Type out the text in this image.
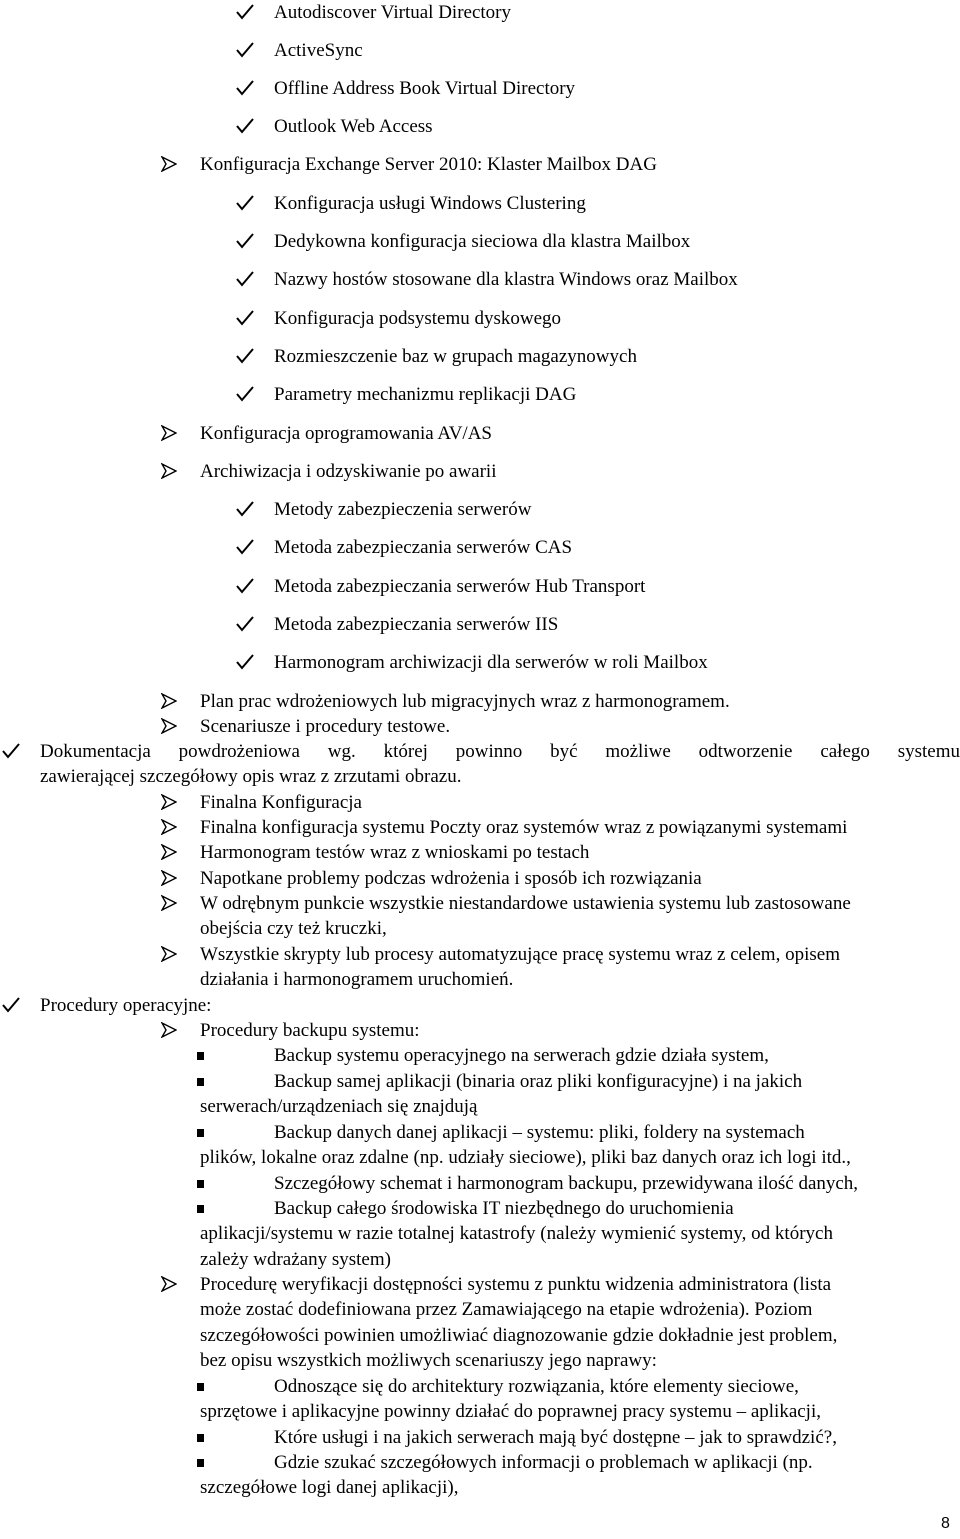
Autodiscover Virtual Directory
ActiveSync
Offline Address Book Virtual Directory
Outlook Web Access
Konfiguracja Exchange Server 2010: Klaster Mailbox DAG
Konfiguracja usługi Windows Clustering
Dedykowna konfiguracja sieciowa dla klastra Mailbox
Nazwy hostów stosowane dla klastra Windows oraz Mailbox
Konfiguracja podsystemu dyskowego
Rozmieszczenie baz w grupach magazynowych
Parametry mechanizmu replikacji DAG
Konfiguracja oprogramowania AV/AS
Archiwizacja i odzyskiwanie po awarii
Metody zabezpieczenia serwerów
Metoda zabezpieczania serwerów CAS
Metoda zabezpieczania serwerów Hub Transport
Metoda zabezpieczania serwerów IIS
Harmonogram archiwizacji dla serwerów w roli Mailbox
Plan prac wdrożeniowych lub migracyjnych wraz z harmonogramem.
Scenariusze i procedury testowe.
Dokumentacja powdrożeniowa wg. której powinno być możliwe odtworzenie całego systemu
zawierającej szczegółowy opis wraz z zrzutami obrazu.
Finalna Konfiguracja
Finalna konfiguracja systemu Poczty oraz systemów wraz z powiązanymi systemami
Harmonogram testów wraz z wnioskami po testach
Napotkane problemy podczas wdrożenia i sposób ich rozwiązania
W odrębnym punkcie wszystkie niestandardowe ustawienia systemu lub zastosowane
obejścia czy też kruczki,
Wszystkie skrypty lub procesy automatyzujące pracę systemu wraz z celem, opisem
działania i harmonogramem uruchomień.
Procedury operacyjne:
Procedury backupu systemu:
Backup systemu operacyjnego na serwerach gdzie działa system,
Backup samej aplikacji (binaria oraz pliki konfiguracyjne) i na jakich
serwerach/urządzeniach się znajdują
Backup danych danej aplikacji – systemu: pliki, foldery na systemach
plików, lokalne oraz zdalne (np. udziały sieciowe), pliki baz danych oraz ich logi itd.,
Szczegółowy schemat i harmonogram backupu, przewidywana ilość danych,
Backup całego środowiska IT niezbędnego do uruchomienia
aplikacji/systemu w razie totalnej katastrofy (należy wymienić systemy, od których
zależy wdrażany system)
Procedurę weryfikacji dostępności systemu z punktu widzenia administratora (lista
może zostać dodefiniowana przez Zamawiającego na etapie wdrożenia). Poziom
szczegółowości powinien umożliwiać diagnozowanie gdzie dokładnie jest problem,
bez opisu wszystkich możliwych scenariuszy jego naprawy:
Odnoszące się do architektury rozwiązania, które elementy sieciowe,
sprzętowe i aplikacyjne powinny działać do poprawnej pracy systemu – aplikacji,
Które usługi i na jakich serwerach mają być dostępne – jak to sprawdzić?,
Gdzie szukać szczegółowych informacji o problemach w aplikacji (np.
szczegółowe logi danej aplikacji),
8
